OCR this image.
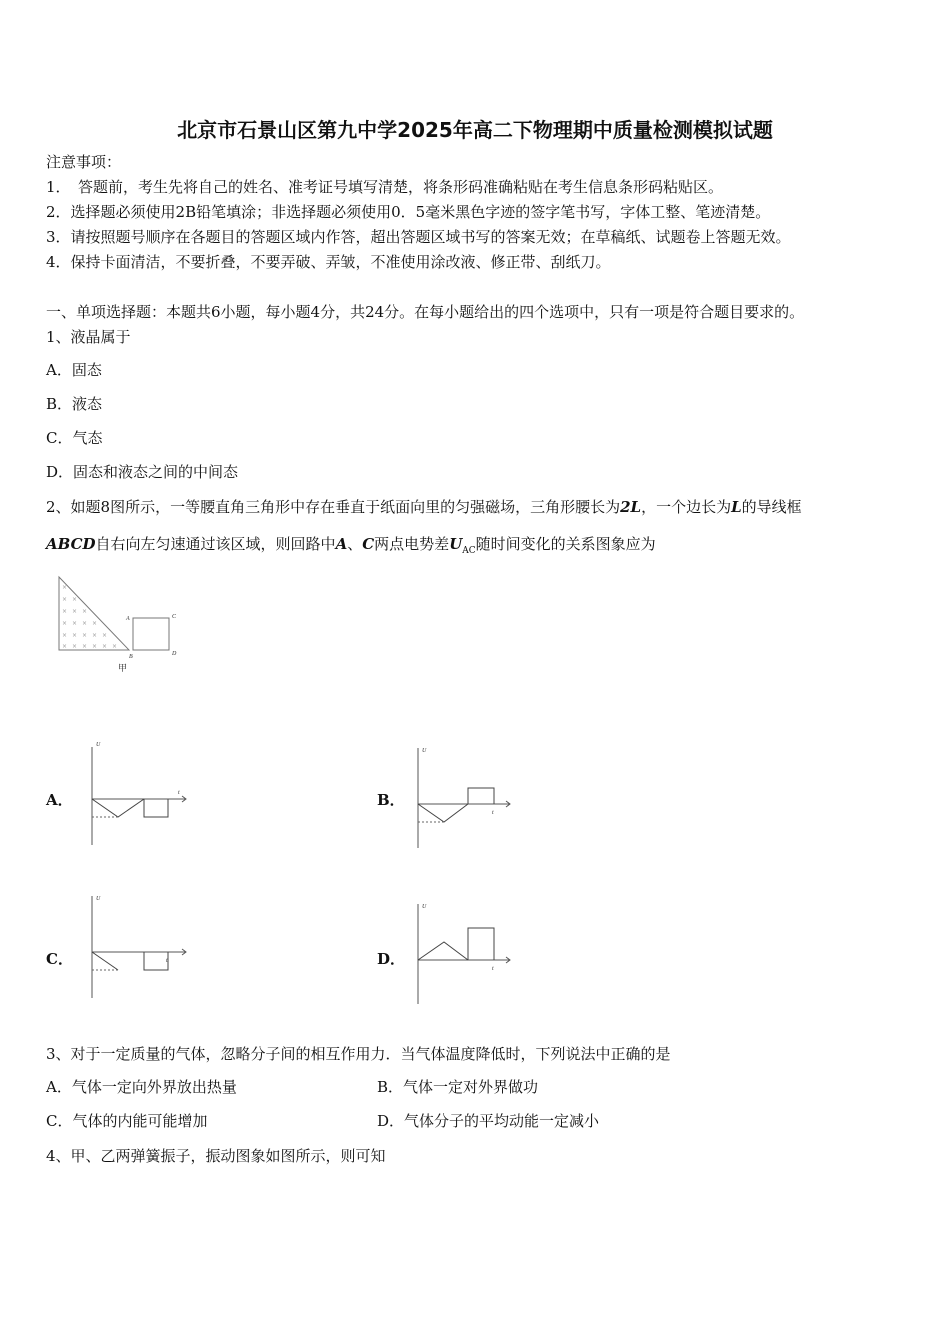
北京市石景山区第九中学2025年高二下物理期中质量检测模拟试题
注意事项：
1．　答题前，考生先将自己的姓名、准考证号填写清楚，将条形码准确粘贴在考生信息条形码粘贴区。
2．选择题必须使用2B铅笔填涂；非选择题必须使用0．5毫米黑色字迹的签字笔书写，字体工整、笔迹清楚。
3．请按照题号顺序在各题目的答题区域内作答，超出答题区域书写的答案无效；在草稿纸、试题卷上答题无效。
4．保持卡面清洁，不要折叠，不要弄破、弄皱，不准使用涂改液、修正带、刮纸刀。
一、单项选择题：本题共6小题，每小题4分，共24分。在每小题给出的四个选项中，只有一项是符合题目要求的。
1、液晶属于
A．固态
B．液态
C．气态
D．固态和液态之间的中间态
2、如题8图所示，一等腰直角三角形中存在垂直于纸面向里的匀强磁场，三角形腰长为2L，一个边长为L的导线框
ABCD自右向左匀速通过该区域，则回路中A、C两点电势差$U_{AC}$随时间变化的关系图象应为
×
× ×
× × ×
× × × ×
× × × × ×
× × × × × ×
A	C
B	D
甲
A．
U
t	B．
U
t
C．
U
t	D．
U
t
3、对于一定质量的气体，忽略分子间的相互作用力．当气体温度降低时，下列说法中正确的是
A．气体一定向外界放出热量	B．气体一定对外界做功
C．气体的内能可能增加	D．气体分子的平均动能一定减小
4、甲、乙两弹簧振子，振动图象如图所示，则可知
